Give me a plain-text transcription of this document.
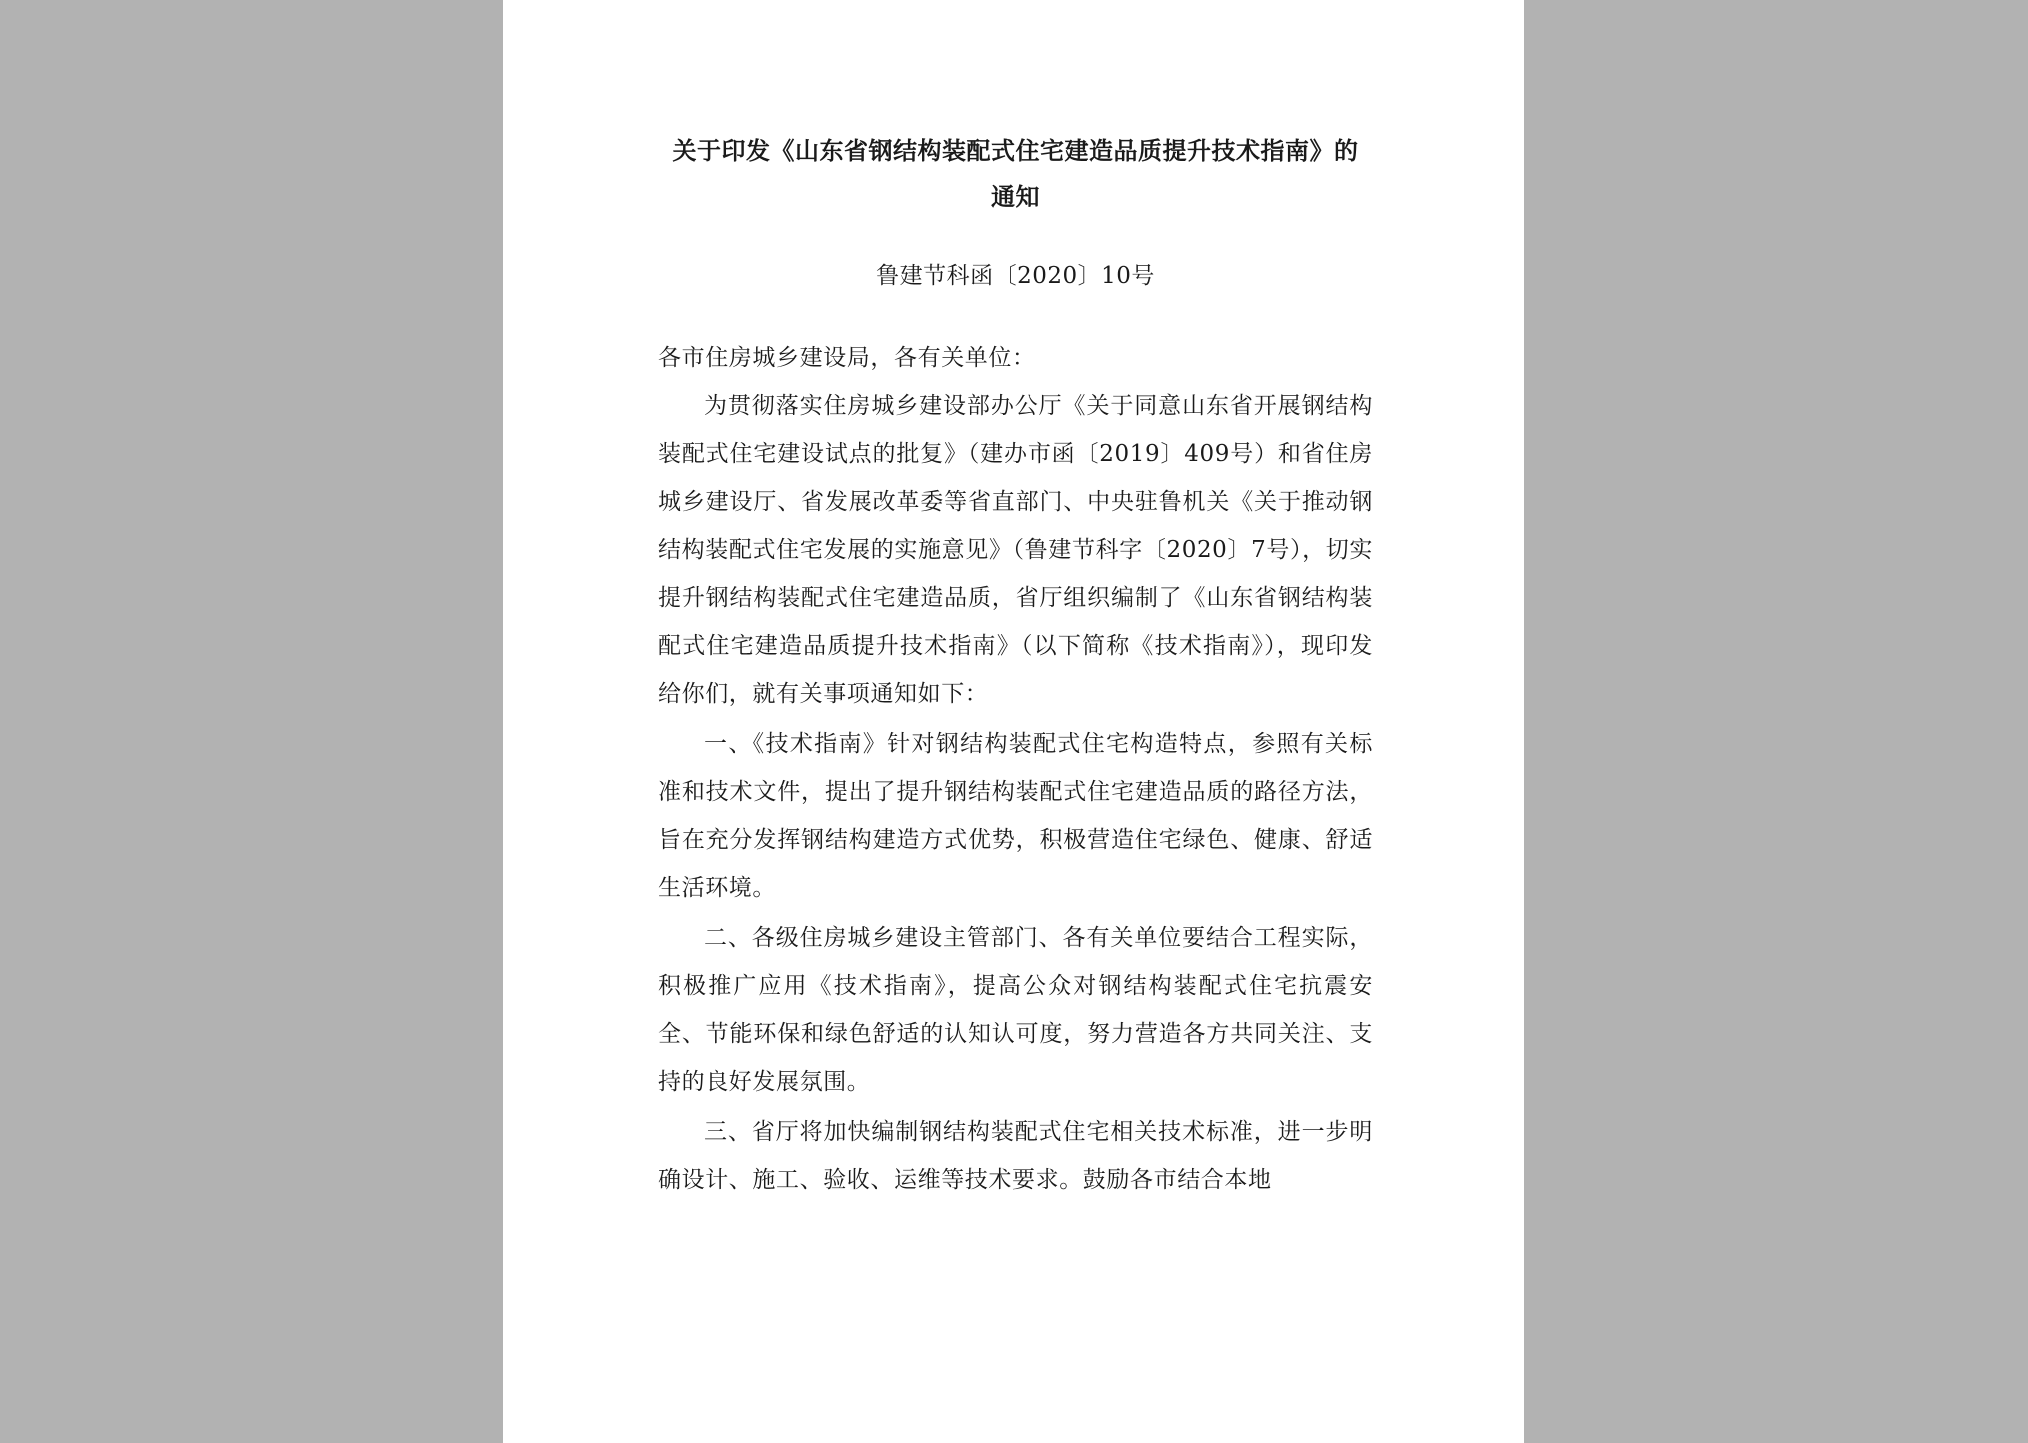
关于印发《山东省钢结构装配式住宅建造品质提升技术指南》的
通知
鲁建节科函〔2020〕10号

各市住房城乡建设局，各有关单位：

为贯彻落实住房城乡建设部办公厅《关于同意山东省开展钢结构装配式住宅建设试点的批复》（建办市函〔2019〕409号）和省住房城乡建设厅、省发展改革委等省直部门、中央驻鲁机关《关于推动钢结构装配式住宅发展的实施意见》（鲁建节科字〔2020〕7号），切实提升钢结构装配式住宅建造品质，省厅组织编制了《山东省钢结构装配式住宅建造品质提升技术指南》（以下简称《技术指南》），现印发给你们，就有关事项通知如下：

一、《技术指南》针对钢结构装配式住宅构造特点，参照有关标准和技术文件，提出了提升钢结构装配式住宅建造品质的路径方法，旨在充分发挥钢结构建造方式优势，积极营造住宅绿色、健康、舒适生活环境。

二、各级住房城乡建设主管部门、各有关单位要结合工程实际，积极推广应用《技术指南》，提高公众对钢结构装配式住宅抗震安全、节能环保和绿色舒适的认知认可度，努力营造各方共同关注、支持的良好发展氛围。

三、省厅将加快编制钢结构装配式住宅相关技术标准，进一步明确设计、施工、验收、运维等技术要求。鼓励各市结合本地
